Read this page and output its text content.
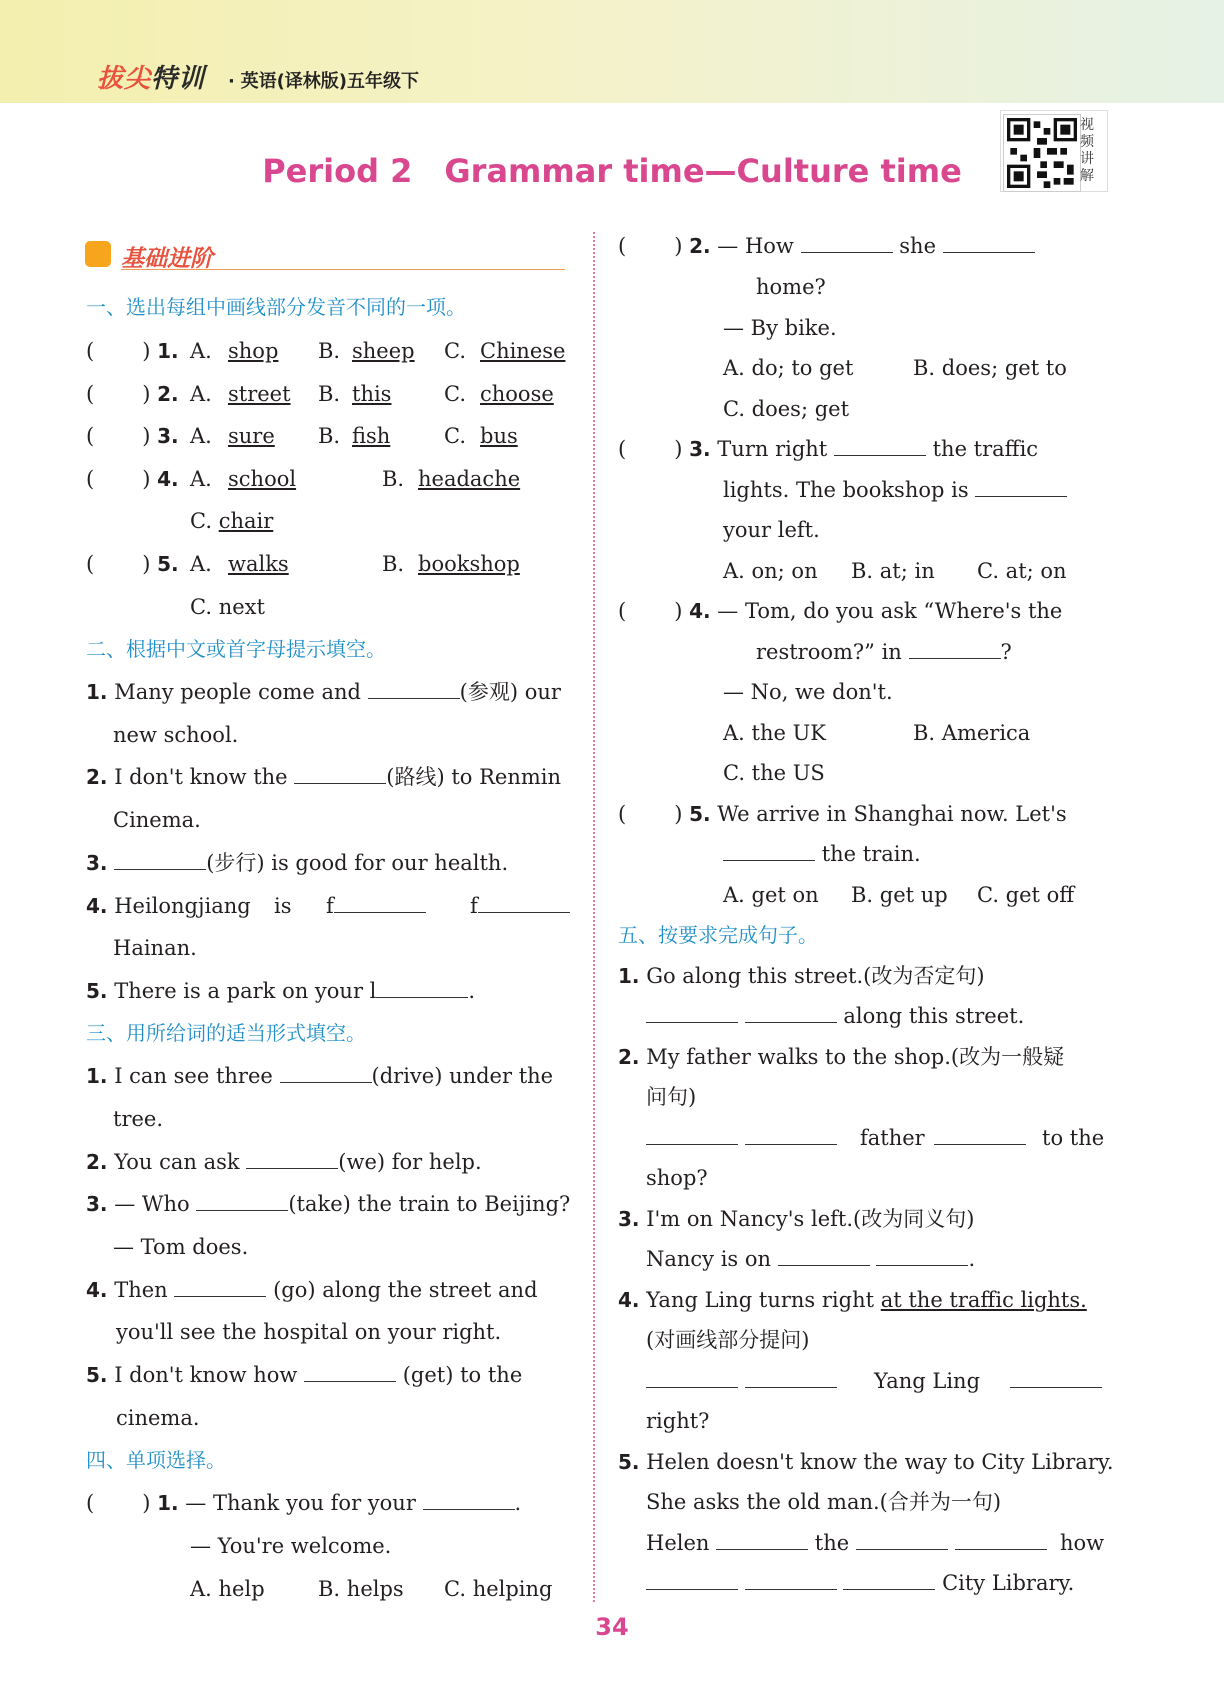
拔尖特训 · 英语(译林版)五年级下
Period 2　Grammar time—Culture time
视频讲解
基础进阶
一、选出每组中画线部分发音不同的一项。
( ) 1. A. shop B. sheep C. Chinese
( ) 2. A. street B. this	C. choose
( ) 3. A. sure B. fish	C. bus
( ) 4. A. school	B. headache
C. chair
( ) 5. A. walks	B. bookshop
C. next
二、根据中文或首字母提示填空。
1. Many people come and	(参观) our
new school.
2. I don't know the	(路线) to Renmin
Cinema.
3.	(步行) is good for our health.
4. Heilongjiang is f	f
Hainan.
5. There is a park on your l	.
三、用所给词的适当形式填空。
1. I can see three	(drive) under the
tree.
2. You can ask	(we) for help.
3. — Who	(take) the train to Beijing?
— Tom does.
4. Then	(go) along the street and
you'll see the hospital on your right.
5. I don't know how	(get) to the
cinema.
四、单项选择。
( ) 1. — Thank you for your	.
— You're welcome.
A. help	B. helps C. helping
( ) 2. — How	she
home?
— By bike.
A. do; to get	B. does; get to
C. does; get
( ) 3. Turn right	the traffic
lights. The bookshop is
your left.
A. on; on B. at; in C. at; on
( ) 4. — Tom, do you ask “Where's the
restroom?” in	?
— No, we don't.
A. the UK	B. America
C. the US
( ) 5. We arrive in Shanghai now. Let's
the train.
A. get on B. get up C. get off
五、按要求完成句子。
1. Go along this street.(改为否定句)
along this street.
2. My father walks to the shop.(改为一般疑
问句)

father	to the
shop?
3. I'm on Nancy's left.(改为同义句)
Nancy is on	.
4. Yang Ling turns right at the traffic lights.
(对画线部分提问)

Yang Ling
right?
5. Helen doesn't know the way to City Library.
She asks the old man.(合并为一句)
Helen	the	how
City Library.
34
